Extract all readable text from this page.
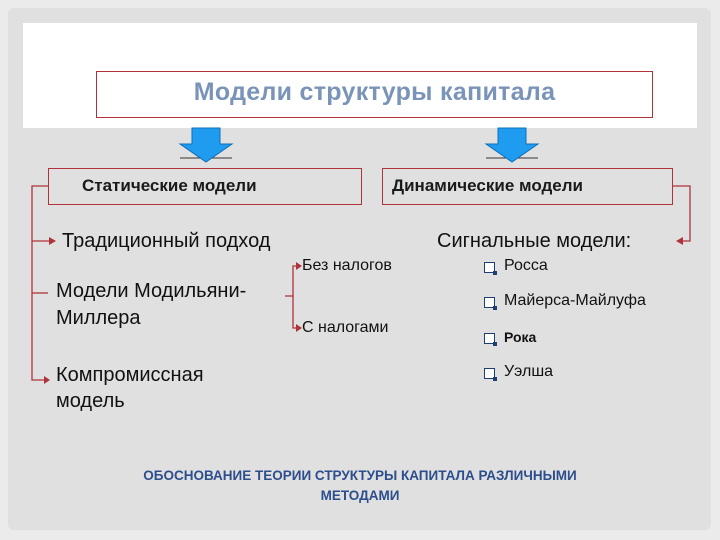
Модели структуры капитала
Статические модели	Динамические модели
Традиционный подход
Модели Модильяни-
Миллера
Без налогов
С налогами
Компромиссная
модель
Сигнальные модели:
Росса
Майерса-Майлуфа
Рока
Уэлша
ОБОСНОВАНИЕ ТЕОРИИ СТРУКТУРЫ КАПИТАЛА РАЗЛИЧНЫМИ
МЕТОДАМИ
